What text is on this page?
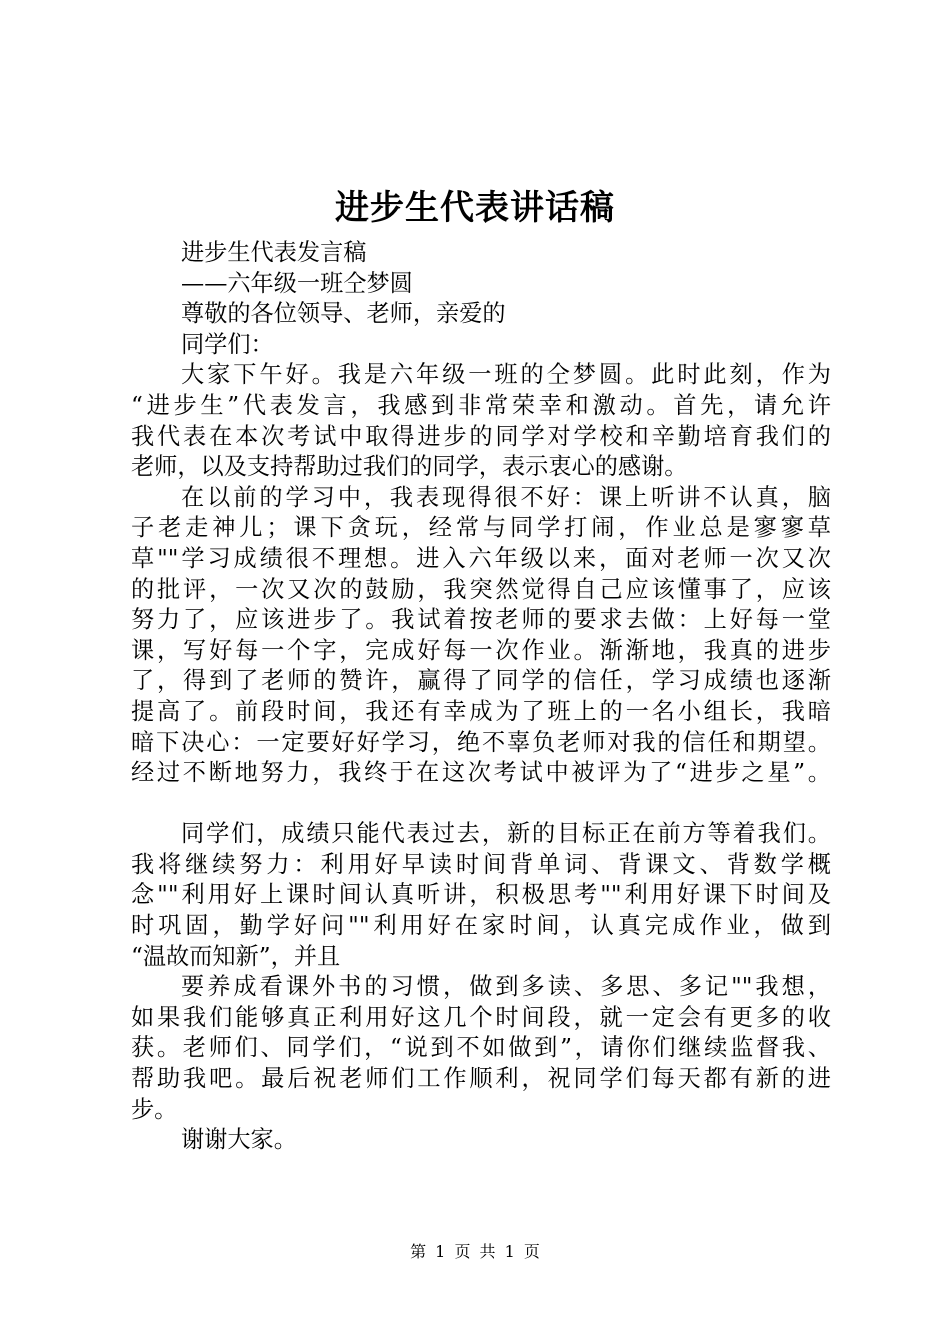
进步生代表讲话稿
进步生代表发言稿
——六年级一班仝梦圆
尊敬的各位领导、老师，亲爱的
同学们：
大家下午好。我是六年级一班的仝梦圆。此时此刻，作为
“进步生”代表发言，我感到非常荣幸和激动。首先，请允许
我代表在本次考试中取得进步的同学对学校和辛勤培育我们的
老师，以及支持帮助过我们的同学，表示衷心的感谢。
在以前的学习中，我表现得很不好：课上听讲不认真，脑
子老走神儿；课下贪玩，经常与同学打闹，作业总是寥寥草
草""学习成绩很不理想。进入六年级以来，面对老师一次又次
的批评，一次又次的鼓励，我突然觉得自己应该懂事了，应该
努力了，应该进步了。我试着按老师的要求去做：上好每一堂
课，写好每一个字，完成好每一次作业。渐渐地，我真的进步
了，得到了老师的赞许，赢得了同学的信任，学习成绩也逐渐
提高了。前段时间，我还有幸成为了班上的一名小组长，我暗
暗下决心：一定要好好学习，绝不辜负老师对我的信任和期望。
经过不断地努力，我终于在这次考试中被评为了“进步之星”。
同学们，成绩只能代表过去，新的目标正在前方等着我们。
我将继续努力：利用好早读时间背单词、背课文、背数学概
念""利用好上课时间认真听讲，积极思考""利用好课下时间及
时巩固，勤学好问""利用好在家时间，认真完成作业，做到
“温故而知新”，并且
要养成看课外书的习惯，做到多读、多思、多记""我想，
如果我们能够真正利用好这几个时间段，就一定会有更多的收
获。老师们、同学们，“说到不如做到”，请你们继续监督我、
帮助我吧。最后祝老师们工作顺利，祝同学们每天都有新的进
步。
谢谢大家。
第 1 页 共 1 页
